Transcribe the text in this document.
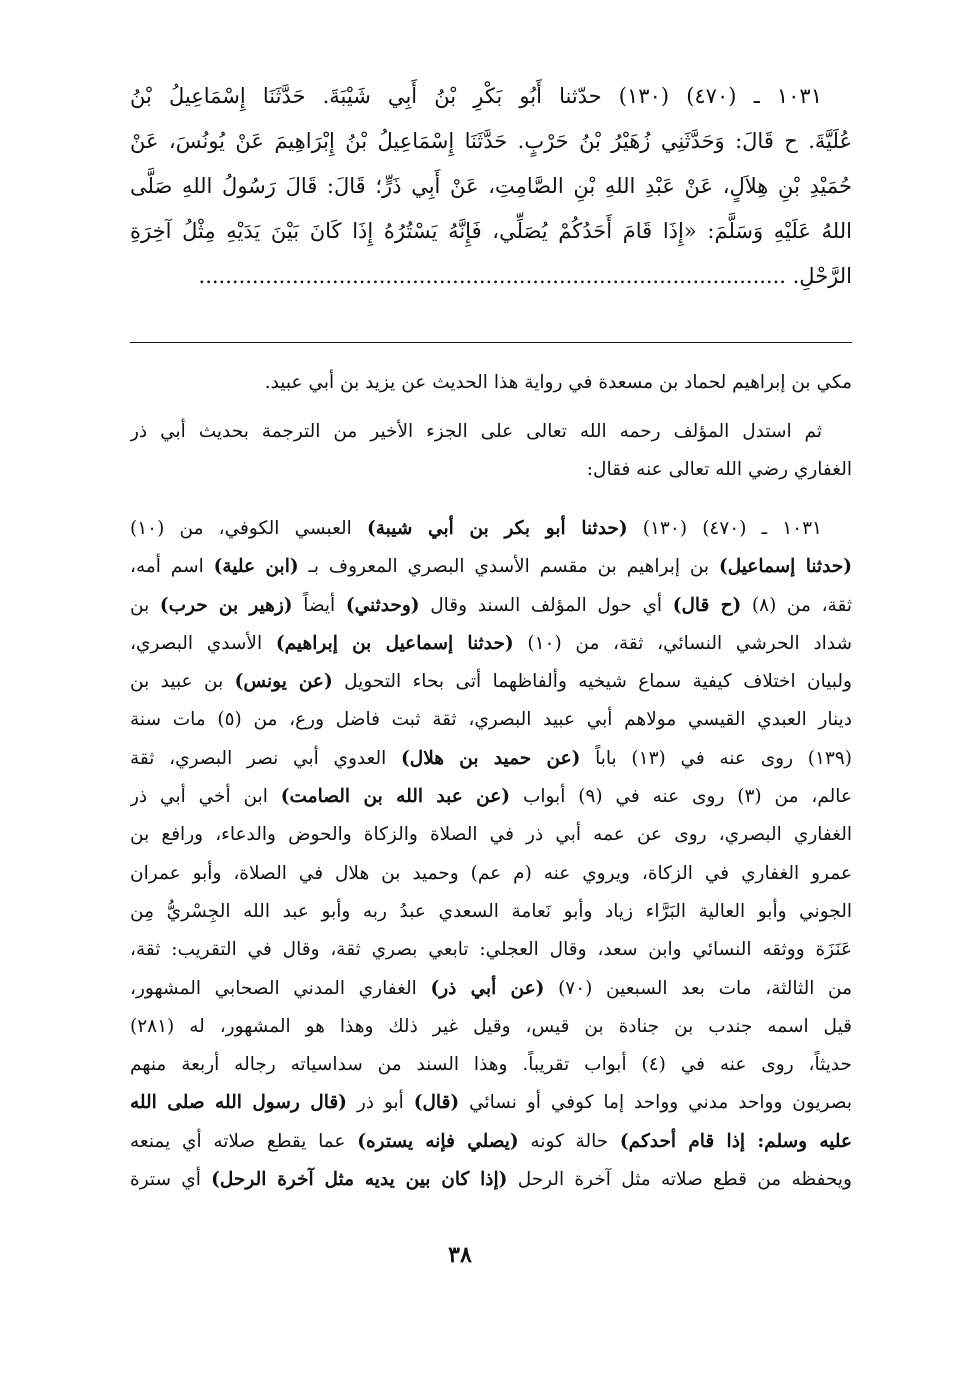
١٠٣١ ـ (٤٧٠) (١٣٠) حدّثنا أَبُو بَكْرِ بْنُ أَبِي شَيْبَةَ. حَدَّثَنَا إِسْمَاعِيلُ بْنُ
عُلَيَّةَ. ح قَالَ: وَحَدَّثَنِي زُهَيْرُ بْنُ حَرْبٍ. حَدَّثَنَا إِسْمَاعِيلُ بْنُ إِبْرَاهِيمَ عَنْ يُونُسَ، عَنْ
حُمَيْدِ بْنِ هِلاَلٍ، عَنْ عَبْدِ اللهِ بْنِ الصَّامِتِ، عَنْ أَبِي ذَرٍّ؛ قَالَ: قَالَ رَسُولُ اللهِ صَلَّى
اللهُ عَلَيْهِ وَسَلَّمَ: «إِذَا قَامَ أَحَدُكُمْ يُصَلِّي، فَإِنَّهُ يَسْتُرُهُ إِذَا كَانَ بَيْنَ يَدَيْهِ مِثْلُ آخِرَةِ
الرَّحْلِ. ........................................................................................
مكي بن إبراهيم لحماد بن مسعدة في رواية هذا الحديث عن يزيد بن أبي عبيد.
ثم استدل المؤلف رحمه الله تعالى على الجزء الأخير من الترجمة بحديث أبي ذر
الغفاري رضي الله تعالى عنه فقال:
١٠٣١ ـ (٤٧٠) (١٣٠) (حدثنا أبو بكر بن أبي شيبة) العبسي الكوفي، من (١٠)
(حدثنا إسماعيل) بن إبراهيم بن مقسم الأسدي البصري المعروف بـ (ابن علية) اسم أمه،
ثقة، من (٨) (ح قال) أي حول المؤلف السند وقال (وحدثني) أيضاً (زهير بن حرب) بن
شداد الحرشي النسائي، ثقة، من (١٠) (حدثنا إسماعيل بن إبراهيم) الأسدي البصري،
ولبيان اختلاف كيفية سماع شيخيه وألفاظهما أتى بحاء التحويل (عن يونس) بن عبيد بن
دينار العبدي القيسي مولاهم أبي عبيد البصري، ثقة ثبت فاضل ورع، من (٥) مات سنة
(١٣٩) روى عنه في (١٣) باباً (عن حميد بن هلال) العدوي أبي نصر البصري، ثقة
عالم، من (٣) روى عنه في (٩) أبواب (عن عبد الله بن الصامت) ابن أخي أبي ذر
الغفاري البصري، روى عن عمه أبي ذر في الصلاة والزكاة والحوض والدعاء، ورافع بن
عمرو الغفاري في الزكاة، ويروي عنه (م عم) وحميد بن هلال في الصلاة، وأبو عمران
الجوني وأبو العالية البَرَّاء زياد وأبو نَعامة السعدي عبدُ ربه وأبو عبد الله الجِسْريُّ مِن
عَنَزَة ووثقه النسائي وابن سعد، وقال العجلي: تابعي بصري ثقة، وقال في التقريب: ثقة،
من الثالثة، مات بعد السبعين (٧٠) (عن أبي ذر) الغفاري المدني الصحابي المشهور،
قيل اسمه جندب بن جنادة بن قيس، وقيل غير ذلك وهذا هو المشهور، له (٢٨١)
حديثاً، روى عنه في (٤) أبواب تقريباً. وهذا السند من سداسياته رجاله أربعة منهم
بصريون وواحد مدني وواحد إما كوفي أو نسائي (قال) أبو ذر (قال رسول الله صلى الله
عليه وسلم: إذا قام أحدكم) حالة كونه (يصلي فإنه يستره) عما يقطع صلاته أي يمنعه
ويحفظه من قطع صلاته مثل آخرة الرحل (إذا كان بين يديه مثل آخرة الرحل) أي سترة
٣٨
